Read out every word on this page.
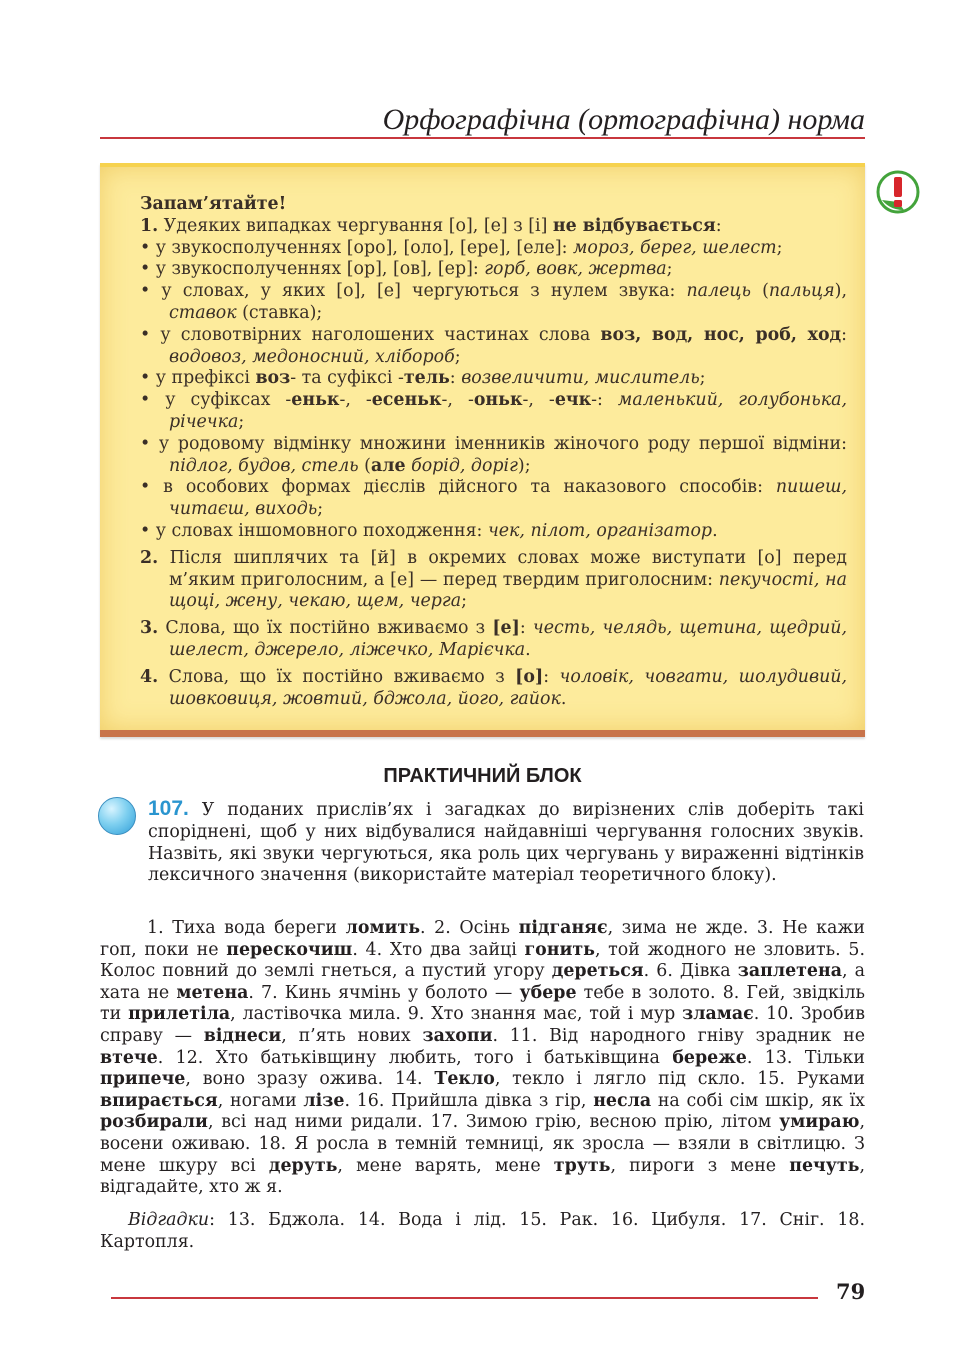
Орфографічна (ортографічна) норма

Запам’ятайте!

1. Удеяких випадках чергування [о], [е] з [і] не відбувається:

• у звукосполученнях [оро], [оло], [ере], [еле]: мороз, берег, шелест;

• у звукосполученнях [ор], [ов], [ер]: горб, вовк, жертва;

• у словах, у яких [о], [е] чергуються з нулем звука: палець (пальця), ставок (ставка);

• у словотвірних наголошених частинах слова воз, вод, нос, роб, ход: водовоз, медоносний, хлібороб;

• у префіксі воз- та суфіксі -тель: возвеличити, мислитель;

• у суфіксах -еньк-, -есеньк-, -оньк-, -ечк-: маленький, голубонька, річечка;

• у родовому відмінку множини іменників жіночого роду першої відміни: підлог, будов, стель (але борід, доріг);

• в особових формах дієслів дійсного та наказового способів: пишеш, читаєш, виходь;

• у словах іншомовного походження: чек, пілот, організатор.

2. Після шиплячих та [й] в окремих словах може виступати [о] перед м’яким приголосним, а [е] — перед твердим приголосним: пекучості, на щоці, жену, чекаю, щем, черга;

3. Слова, що їх постійно вживаємо з [е]: честь, челядь, щетина, щедрий, шелест, джерело, ліжечко, Марієчка.

4. Слова, що їх постійно вживаємо з [о]: чоловік, човгати, шолудивий, шовковиця, жовтий, бджола, його, гайок.

ПРАКТИЧНИЙ БЛОК
107. У поданих прислів’ях і загадках до вирізнених слів доберіть такі споріднені, щоб у них відбувалися найдавніші чергування голосних звуків. Назвіть, які звуки чергуються, яка роль цих чергувань у вираженні відтінків лексичного значення (використайте матеріал теоретичного блоку).
1. Тиха вода береги ломить. 2. Осінь підганяє, зима не жде. 3. Не кажи гоп, поки не перескочиш. 4. Хто два зайці гонить, той жодного не зловить. 5. Колос повний до землі гнеться, а пустий угору дереться. 6. Дівка заплетена, а хата не метена. 7. Кинь ячмінь у болото — убере тебе в золото. 8. Гей, звідкіль ти прилетіла, ластівочка мила. 9. Хто знання має, той і мур зламає. 10. Зробив справу — віднеси, п’ять нових захопи. 11. Від народного гніву зрадник не втече. 12. Хто батьківщину любить, того і батьківщина береже. 13. Тільки припече, воно зразу ожива. 14. Текло, текло і лягло під скло. 15. Руками впирається, ногами лізе. 16. Прийшла дівка з гір, несла на собі сім шкір, як їх розбирали, всі над ними ридали. 17. Зимою грію, весною прію, літом умираю, восени оживаю. 18. Я росла в темній темниці, як зросла — взяли в світлицю. З мене шкуру всі деруть, мене варять, мене труть, пироги з мене печуть, відгадайте, хто ж я.
Відгадки: 13. Бджола. 14. Вода і лід. 15. Рак. 16. Цибуля. 17. Сніг. 18. Картопля.
79
